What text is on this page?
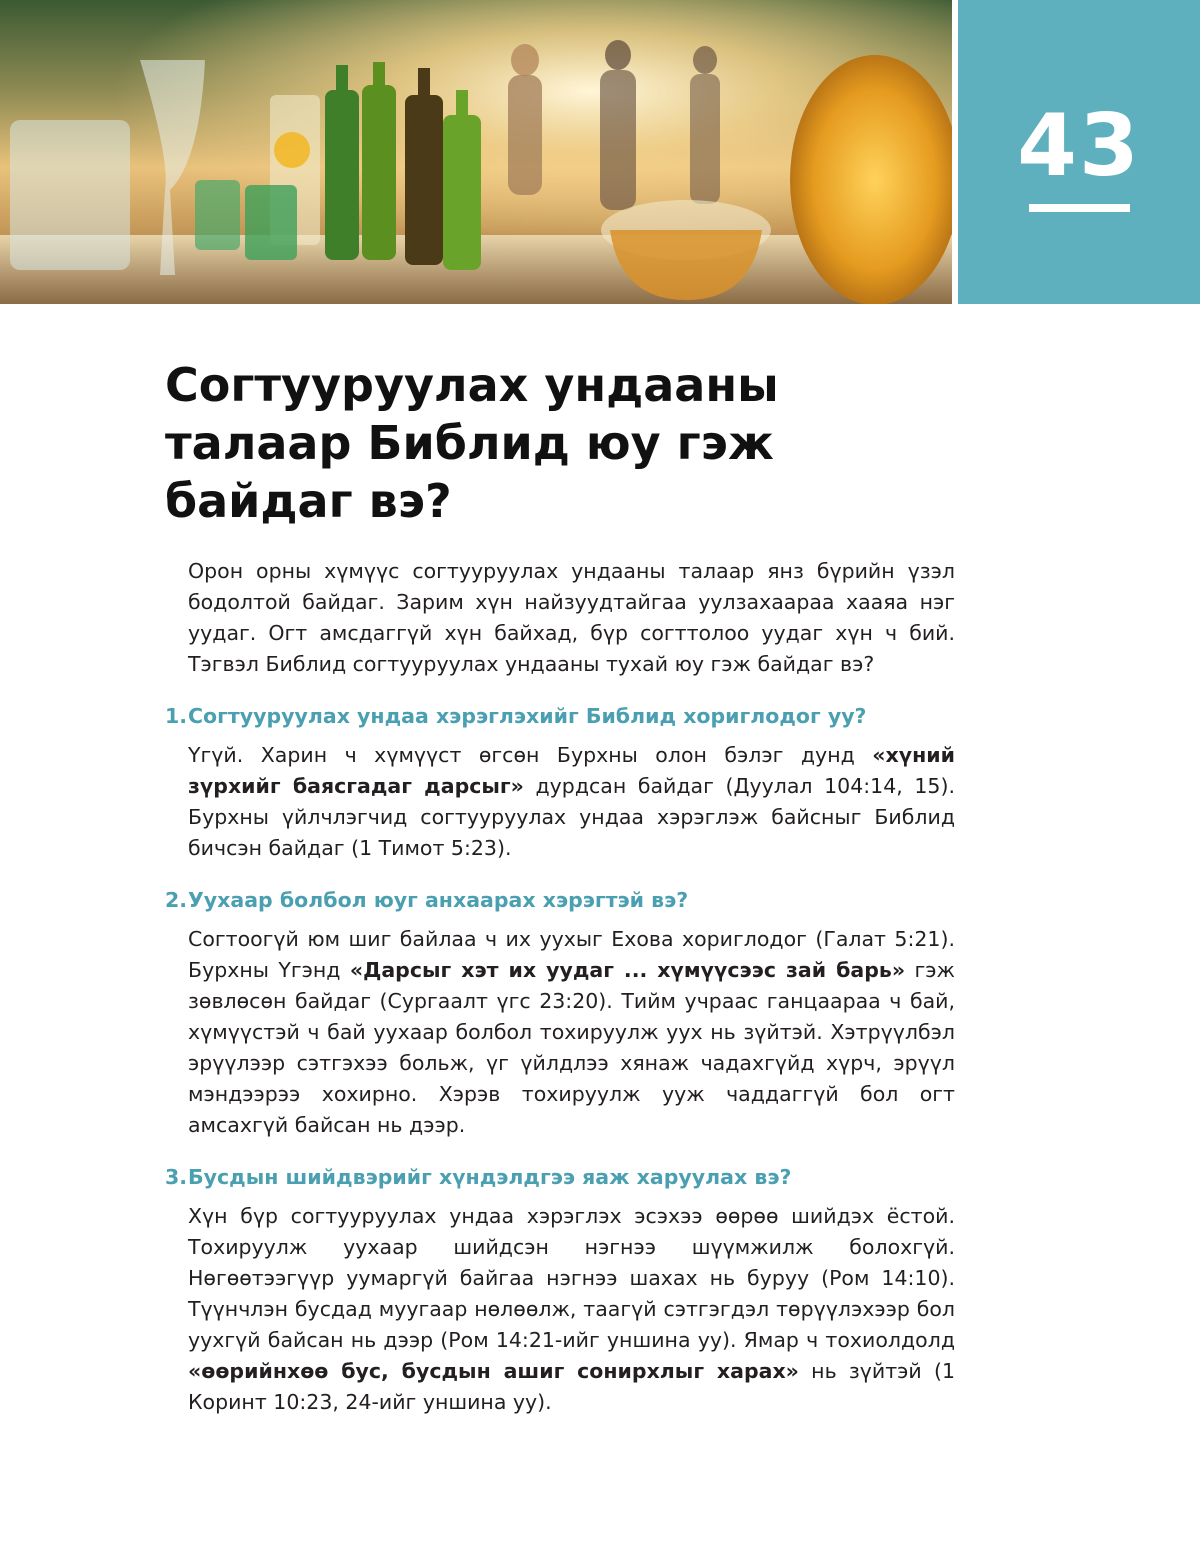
43
Согтууруулах ундааны
талаар Библид юу гэж
байдаг вэ?

Орон орны хүмүүс согтууруулах ундааны талаар янз бүрийн үзэл бодолтой байдаг. Зарим хүн найзуудтайгаа уулзахаараа хааяа нэг уудаг. Огт амсдаггүй хүн байхад, бүр согттолоо уудаг хүн ч бий. Тэгвэл Библид согтууруулах ундааны тухай юу гэж байдаг вэ?

1.Согтууруулах ундаа хэрэглэхийг Библид хориглодог уу?

Үгүй. Харин ч хүмүүст өгсөн Бурхны олон бэлэг дунд «хүний зүрхийг баясгадаг дарсыг» дурдсан байдаг (Дуулал 104:14, 15). Бурхны үйлчлэгчид согтууруулах ундаа хэрэглэж байсныг Библид бичсэн байдаг (1 Тимот 5:23).

2.Уухаар болбол юуг анхаарах хэрэгтэй вэ?

Согтоогүй юм шиг байлаа ч их уухыг Ехова хориглодог (Галат 5:21). Бурхны Үгэнд «Дарсыг хэт их уудаг ... хүмүүсээс зай барь» гэж зөвлөсөн байдаг (Сургаалт үгс 23:20). Тийм учраас ганцаараа ч бай, хүмүүстэй ч бай уухаар болбол тохируулж уух нь зүйтэй. Хэтрүүлбэл эрүүлээр сэтгэхээ больж, үг үйлдлээ хянаж чадахгүйд хүрч, эрүүл мэндээрээ хохирно. Хэрэв тохируулж ууж чаддаггүй бол огт амсахгүй байсан нь дээр.

3.Бусдын шийдвэрийг хүндэлдгээ яаж харуулах вэ?

Хүн бүр согтууруулах ундаа хэрэглэх эсэхээ өөрөө шийдэх ёстой. Тохируулж уухаар шийдсэн нэгнээ шүүмжилж болохгүй. Нөгөөтээгүүр уумаргүй байгаа нэгнээ шахах нь буруу (Ром 14:10). Түүнчлэн бусдад муугаар нөлөөлж, таагүй сэтгэгдэл төрүүлэхээр бол уухгүй байсан нь дээр (Ром 14:21-ийг уншина уу). Ямар ч тохиолдолд «өөрийнхөө бус, бусдын ашиг сонирхлыг харах» нь зүйтэй (1 Коринт 10:23, 24-ийг уншина уу).
